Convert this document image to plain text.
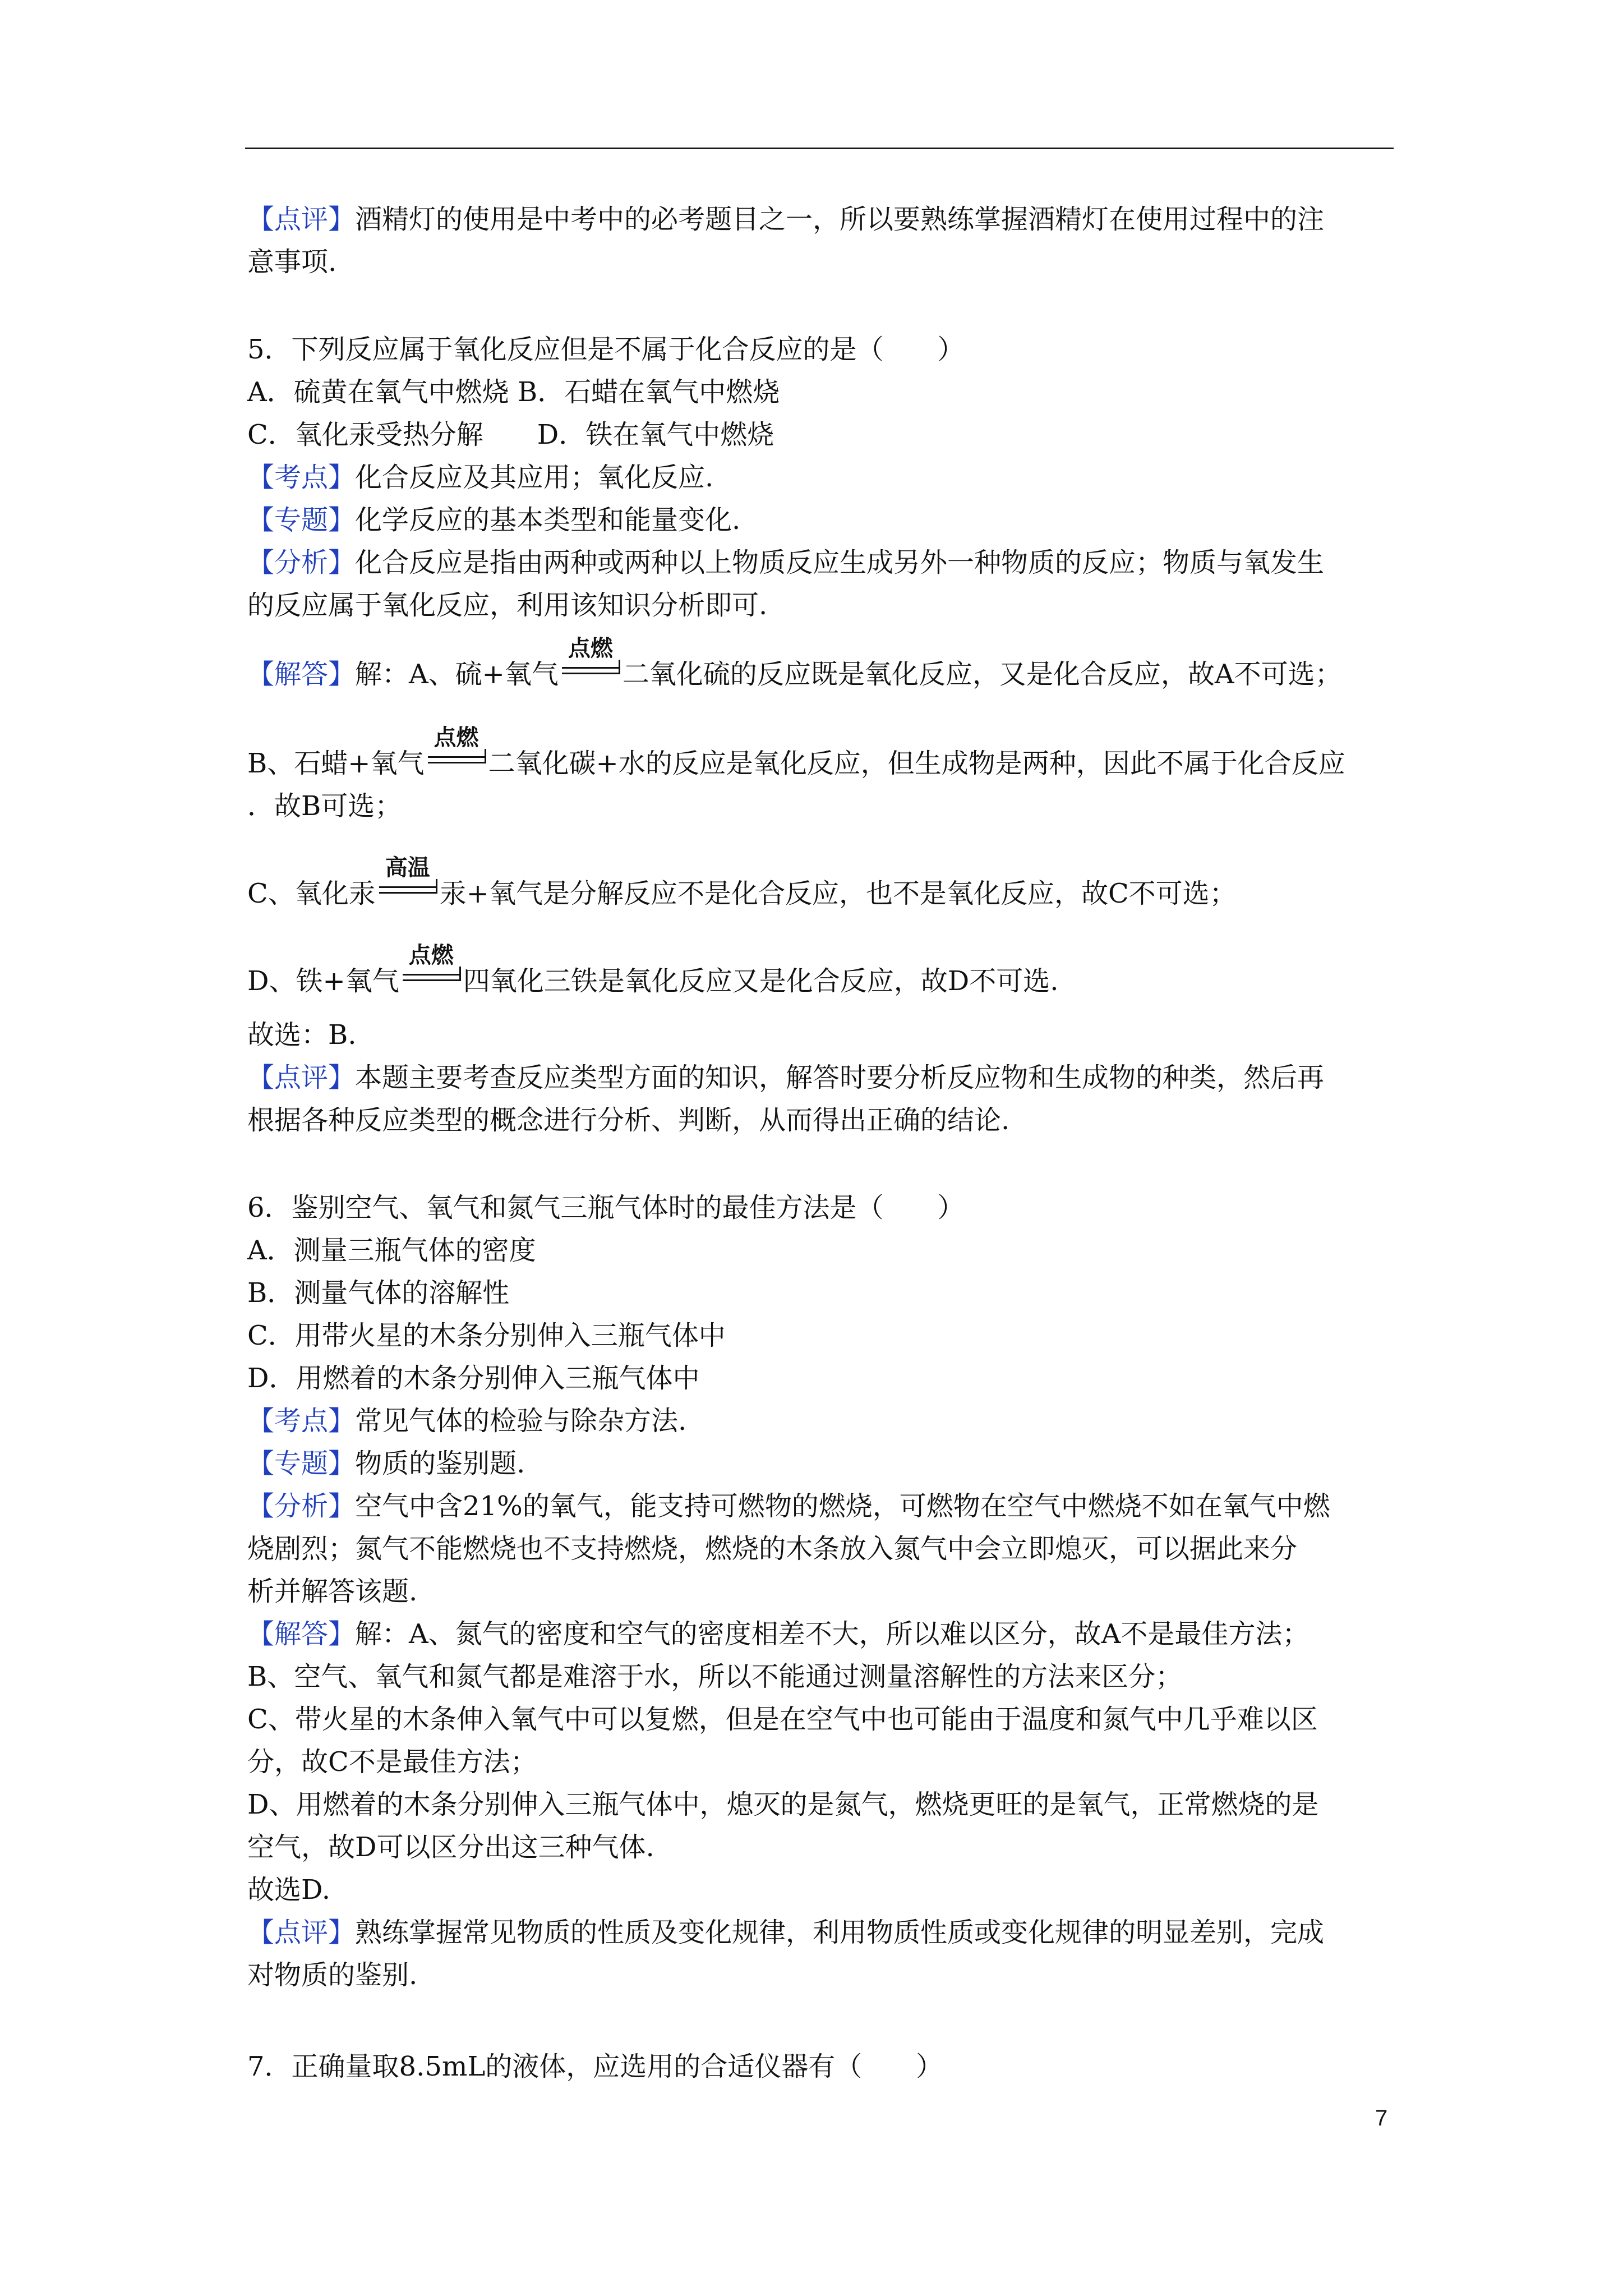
【点评】酒精灯的使用是中考中的必考题目之一，所以要熟练掌握酒精灯在使用过程中的注
意事项.
5．下列反应属于氧化反应但是不属于化合反应的是（　　）
A．硫黄在氧气中燃烧 B．石蜡在氧气中燃烧
C．氧化汞受热分解　　D．铁在氧气中燃烧
【考点】化合反应及其应用；氧化反应.
【专题】化学反应的基本类型和能量变化.
【分析】化合反应是指由两种或两种以上物质反应生成另外一种物质的反应；物质与氧发生
的反应属于氧化反应，利用该知识分析即可.
【解答】解：A、硫+氧气
点燃
二氧化硫的反应既是氧化反应，又是化合反应，故A不可选；
B、石蜡+氧气
点燃
二氧化碳+水的反应是氧化反应，但生成物是两种，因此不属于化合反应
．故B可选；
C、氧化汞
高温
汞+氧气是分解反应不是化合反应，也不是氧化反应，故C不可选；
D、铁+氧气
点燃
四氧化三铁是氧化反应又是化合反应，故D不可选.
故选：B.
【点评】本题主要考查反应类型方面的知识，解答时要分析反应物和生成物的种类，然后再
根据各种反应类型的概念进行分析、判断，从而得出正确的结论.
6．鉴别空气、氧气和氮气三瓶气体时的最佳方法是（　　）
A．测量三瓶气体的密度
B．测量气体的溶解性
C．用带火星的木条分别伸入三瓶气体中
D．用燃着的木条分别伸入三瓶气体中
【考点】常见气体的检验与除杂方法.
【专题】物质的鉴别题.
【分析】空气中含21%的氧气，能支持可燃物的燃烧，可燃物在空气中燃烧不如在氧气中燃
烧剧烈；氮气不能燃烧也不支持燃烧，燃烧的木条放入氮气中会立即熄灭，可以据此来分
析并解答该题.
【解答】解：A、氮气的密度和空气的密度相差不大，所以难以区分，故A不是最佳方法；
B、空气、氧气和氮气都是难溶于水，所以不能通过测量溶解性的方法来区分；
C、带火星的木条伸入氧气中可以复燃，但是在空气中也可能由于温度和氮气中几乎难以区
分，故C不是最佳方法；
D、用燃着的木条分别伸入三瓶气体中，熄灭的是氮气，燃烧更旺的是氧气，正常燃烧的是
空气，故D可以区分出这三种气体.
故选D.
【点评】熟练掌握常见物质的性质及变化规律，利用物质性质或变化规律的明显差别，完成
对物质的鉴别.
7．正确量取8.5mL的液体，应选用的合适仪器有（　　）
7
